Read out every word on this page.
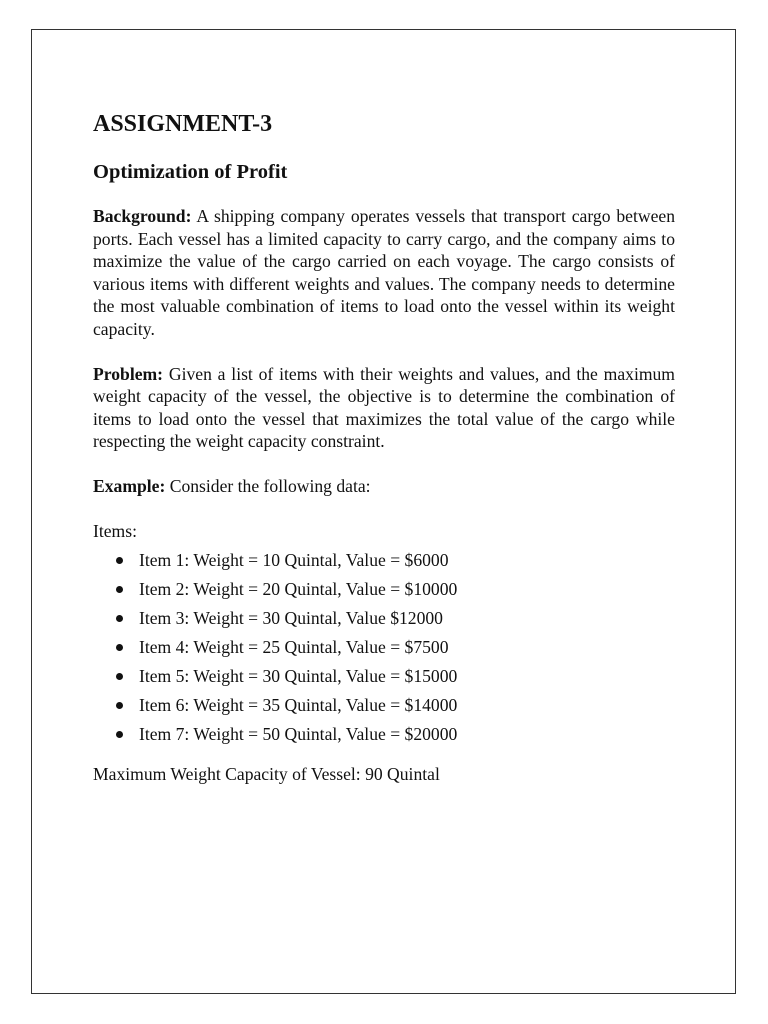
ASSIGNMENT-3
Optimization of Profit

Background: A shipping company operates vessels that transport cargo between ports. Each vessel has a limited capacity to carry cargo, and the company aims to maximize the value of the cargo carried on each voyage. The cargo consists of various items with different weights and values. The company needs to determine the most valuable combination of items to load onto the vessel within its weight capacity.

Problem: Given a list of items with their weights and values, and the maximum weight capacity of the vessel, the objective is to determine the combination of items to load onto the vessel that maximizes the total value of the cargo while respecting the weight capacity constraint.

Example: Consider the following data:

Items:

Item 1: Weight = 10 Quintal, Value = $6000
Item 2: Weight = 20 Quintal, Value = $10000
Item 3: Weight = 30 Quintal, Value $12000
Item 4: Weight = 25 Quintal, Value = $7500
Item 5: Weight = 30 Quintal, Value = $15000
Item 6: Weight = 35 Quintal, Value = $14000
Item 7: Weight = 50 Quintal, Value = $20000

Maximum Weight Capacity of Vessel: 90 Quintal
